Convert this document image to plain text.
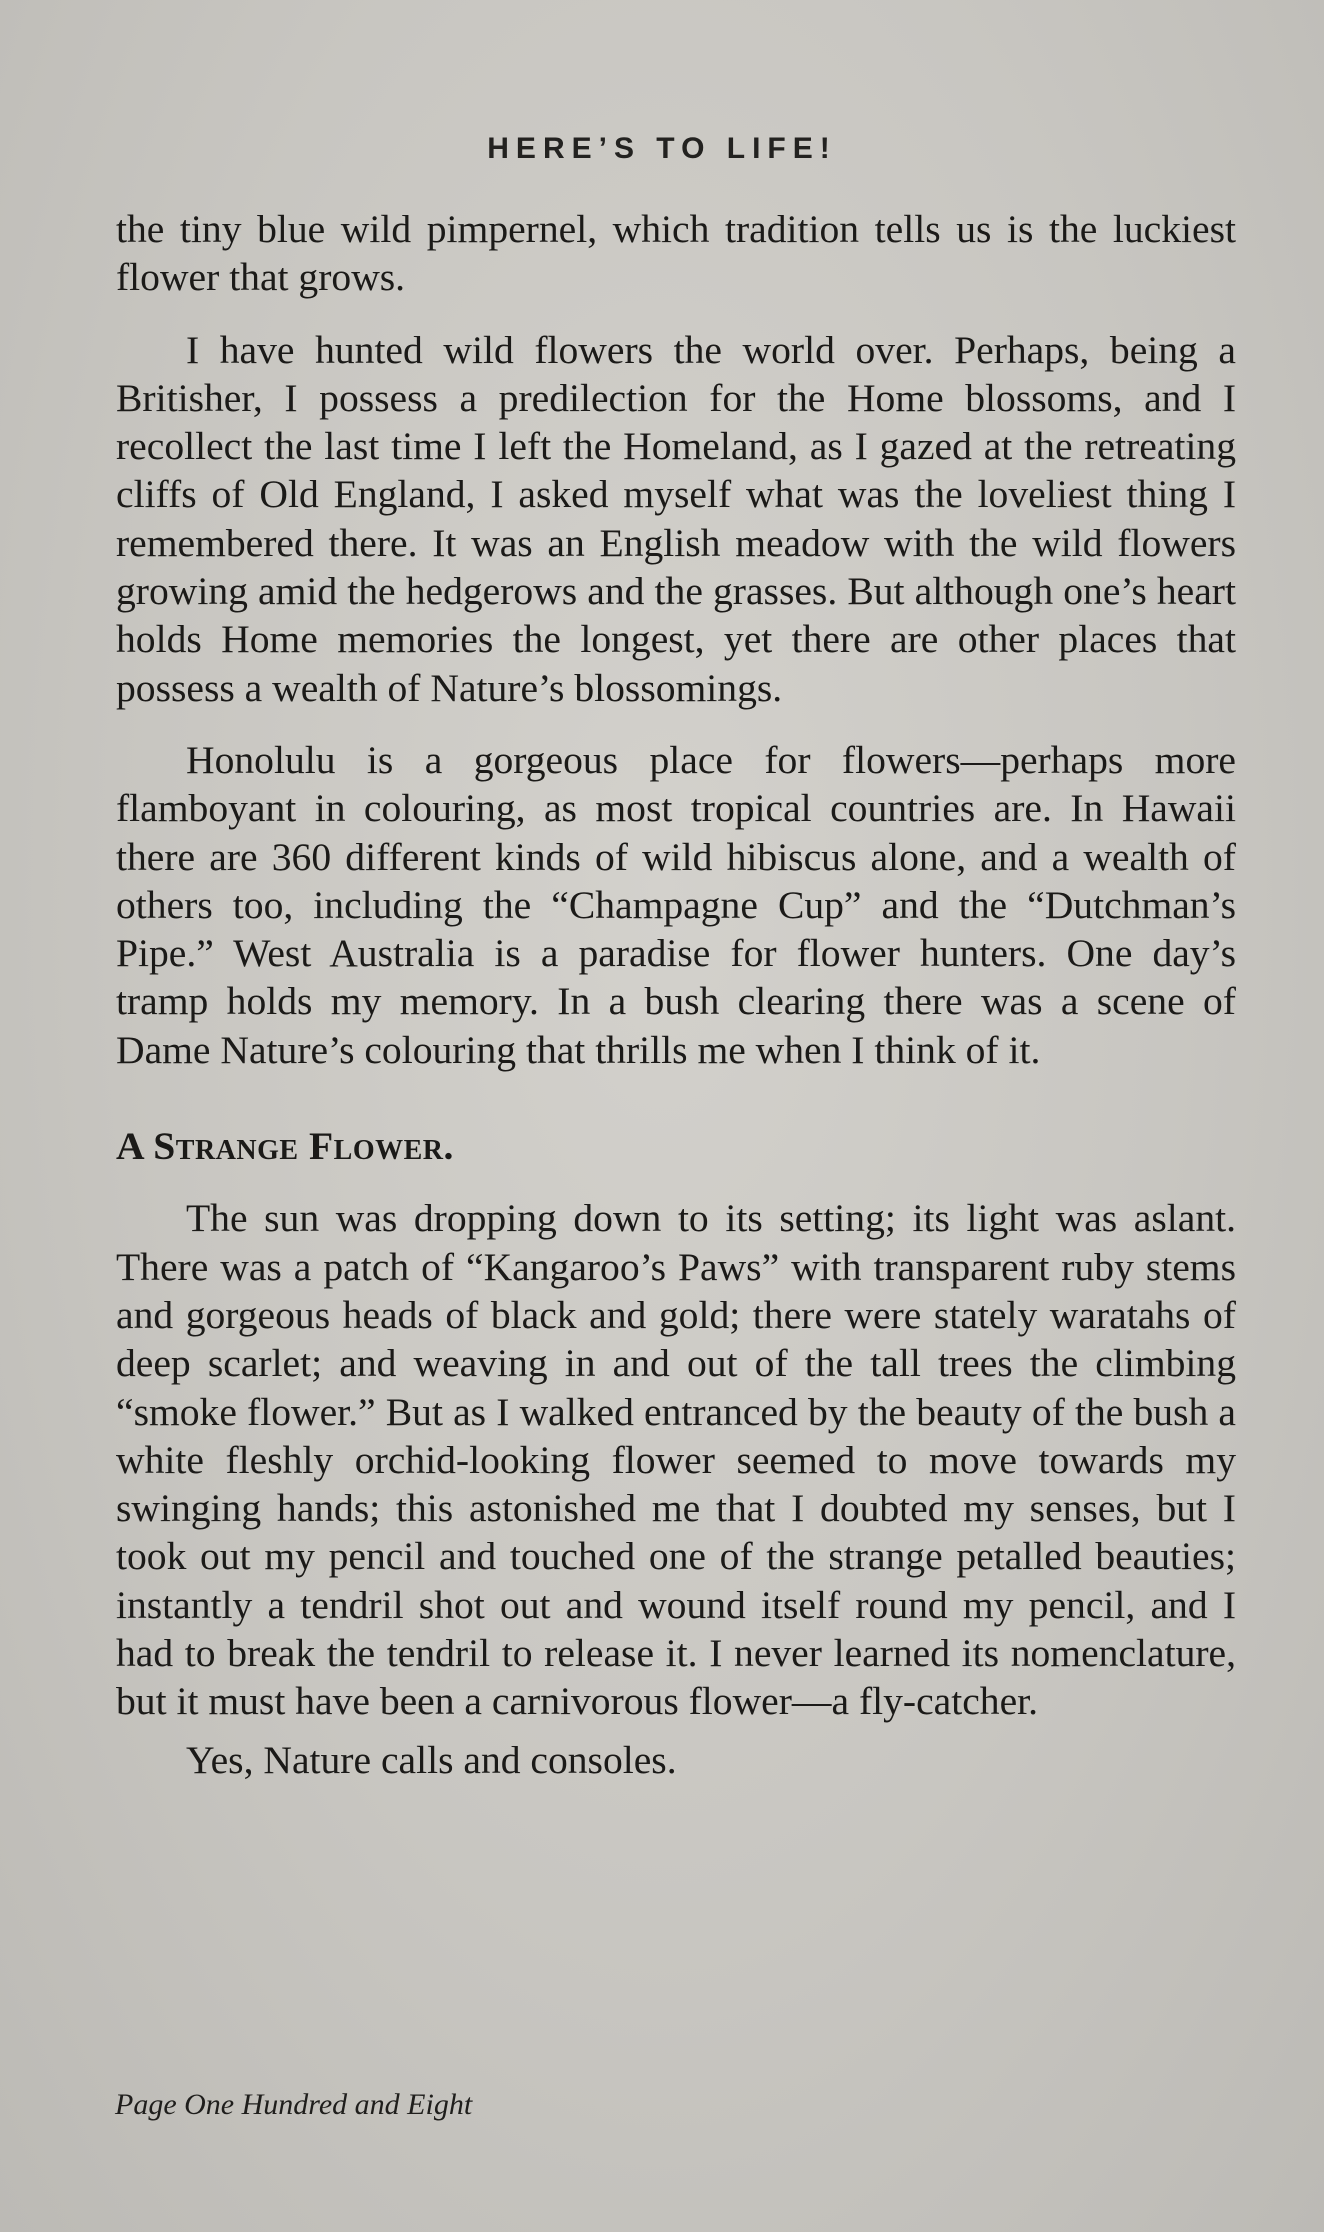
HERE’S TO LIFE!

the tiny blue wild pimpernel, which tradition tells us is the luckiest flower that grows.

I have hunted wild flowers the world over. Perhaps, being a Britisher, I possess a predilection for the Home blossoms, and I recollect the last time I left the Homeland, as I gazed at the retreating cliffs of Old England, I asked myself what was the loveliest thing I remembered there. It was an English meadow with the wild flowers growing amid the hedgerows and the grasses. But although one’s heart holds Home memories the longest, yet there are other places that possess a wealth of Nature’s blossomings.

Honolulu is a gorgeous place for flowers—perhaps more flamboyant in colouring, as most tropical countries are. In Hawaii there are 360 different kinds of wild hibiscus alone, and a wealth of others too, including the “Champagne Cup” and the “Dutchman’s Pipe.” West Australia is a paradise for flower hunters. One day’s tramp holds my memory. In a bush clearing there was a scene of Dame Nature’s colouring that thrills me when I think of it.

A Strange Flower.

The sun was dropping down to its setting; its light was aslant. There was a patch of “Kangaroo’s Paws” with transparent ruby stems and gorgeous heads of black and gold; there were stately waratahs of deep scarlet; and weaving in and out of the tall trees the climbing “smoke flower.” But as I walked entranced by the beauty of the bush a white fleshly orchid-looking flower seemed to move towards my swinging hands; this astonished me that I doubted my senses, but I took out my pencil and touched one of the strange petalled beauties; instantly a tendril shot out and wound itself round my pencil, and I had to break the tendril to release it. I never learned its nomenclature, but it must have been a carnivorous flower—a fly-catcher.

Yes, Nature calls and consoles.

Page One Hundred and Eight
